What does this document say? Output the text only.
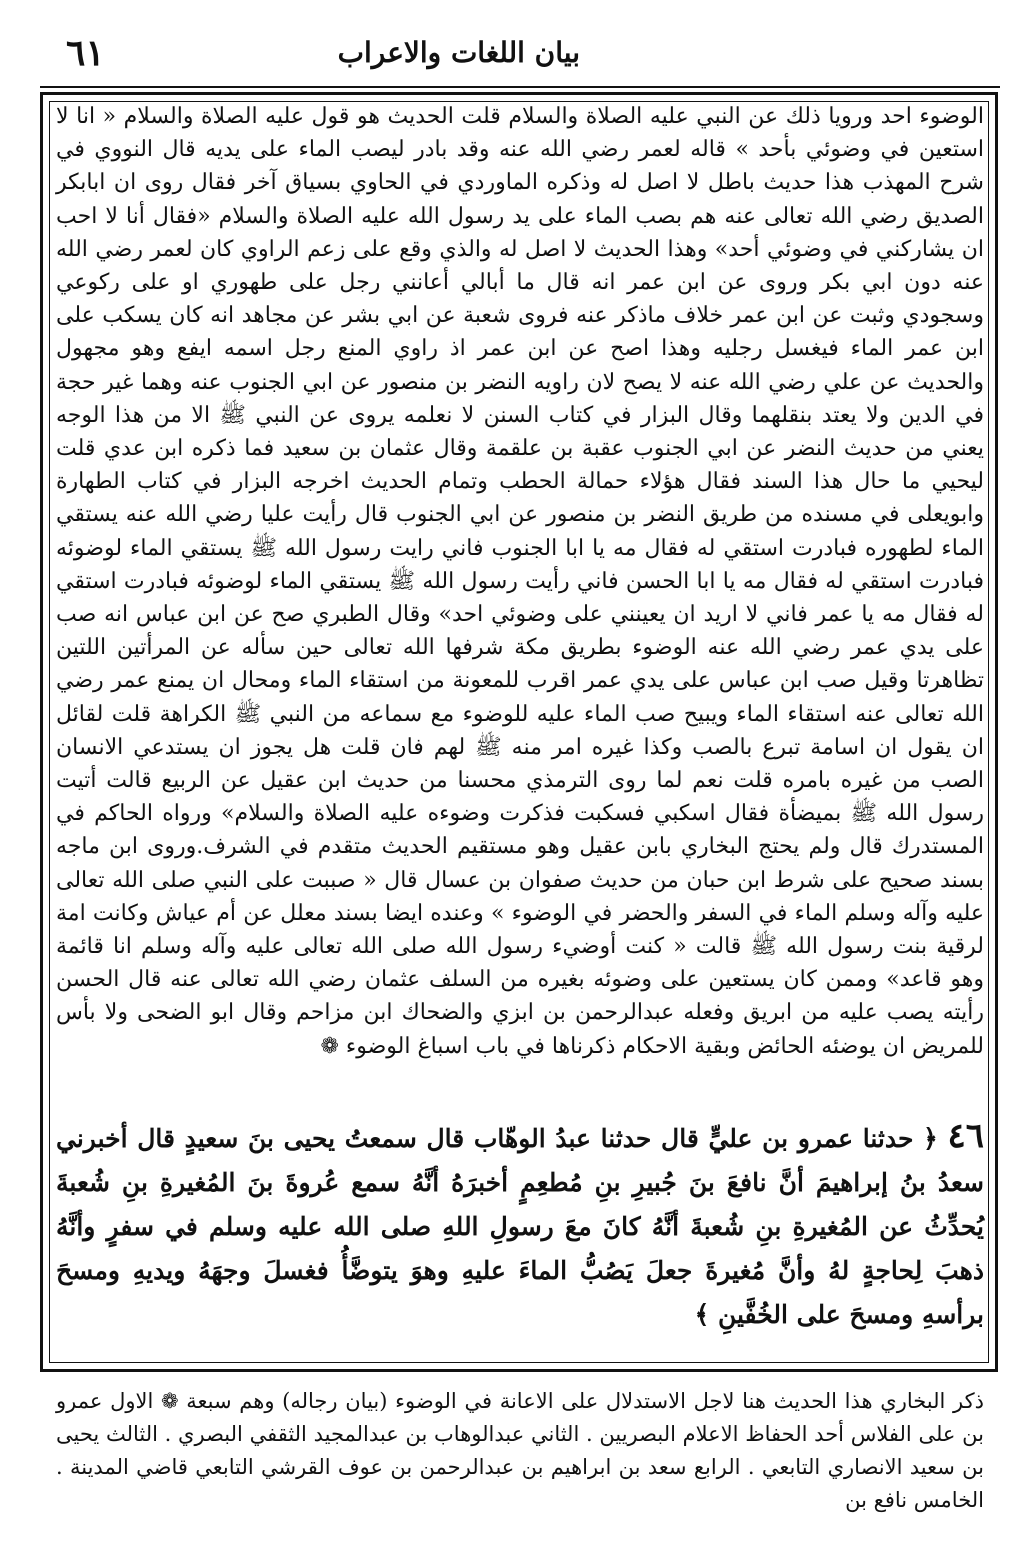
٦١	بيان اللغات والاعراب

الوضوء احد ورويا ذلك عن النبي عليه الصلاة والسلام قلت الحديث هو قول عليه الصلاة والسلام « انا لا استعين في وضوئي بأحد » قاله لعمر رضي الله عنه وقد بادر ليصب الماء على يديه قال النووي في شرح المهذب هذا حديث باطل لا اصل له وذكره الماوردي في الحاوي بسياق آخر فقال روى ان ابابكر الصديق رضي الله تعالى عنه هم بصب الماء على يد رسول الله عليه الصلاة والسلام «فقال أنا لا احب ان يشاركني في وضوئي أحد» وهذا الحديث لا اصل له والذي وقع على زعم الراوي كان لعمر رضي الله عنه دون ابي بكر وروى عن ابن عمر انه قال ما أبالي أعانني رجل على طهوري او على ركوعي وسجودي وثبت عن ابن عمر خلاف ماذكر عنه فروى شعبة عن ابي بشر عن مجاهد انه كان يسكب على ابن عمر الماء فيغسل رجليه وهذا اصح عن ابن عمر اذ راوي المنع رجل اسمه ايفع وهو مجهول والحديث عن علي رضي الله عنه لا يصح لان راويه النضر بن منصور عن ابي الجنوب عنه وهما غير حجة في الدين ولا يعتد بنقلهما وقال البزار في كتاب السنن لا نعلمه يروى عن النبي ﷺ الا من هذا الوجه يعني من حديث النضر عن ابي الجنوب عقبة بن علقمة وقال عثمان بن سعيد فما ذكره ابن عدي قلت ليحيي ما حال هذا السند فقال هؤلاء حمالة الحطب وتمام الحديث اخرجه البزار في كتاب الطهارة وابويعلى في مسنده من طريق النضر بن منصور عن ابي الجنوب قال رأيت عليا رضي الله عنه يستقي الماء لطهوره فبادرت استقي له فقال مه يا ابا الجنوب فاني رايت رسول الله ﷺ يستقي الماء لوضوئه فبادرت استقي له فقال مه يا ابا الحسن فاني رأيت رسول الله ﷺ يستقي الماء لوضوئه فبادرت استقي له فقال مه يا عمر فاني لا اريد ان يعينني على وضوئي احد» وقال الطبري صح عن ابن عباس انه صب على يدي عمر رضي الله عنه الوضوء بطريق مكة شرفها الله تعالى حين سأله عن المرأتين اللتين تظاهرتا وقيل صب ابن عباس على يدي عمر اقرب للمعونة من استقاء الماء ومحال ان يمنع عمر رضي الله تعالى عنه استقاء الماء ويبيح صب الماء عليه للوضوء مع سماعه من النبي ﷺ الكراهة قلت لقائل ان يقول ان اسامة تبرع بالصب وكذا غيره امر منه ﷺ لهم فان قلت هل يجوز ان يستدعي الانسان الصب من غيره بامره قلت نعم لما روى الترمذي محسنا من حديث ابن عقيل عن الربيع قالت أتيت رسول الله ﷺ بميضأة فقال اسكبي فسكبت فذكرت وضوءه عليه الصلاة والسلام» ورواه الحاكم في المستدرك قال ولم يحتج البخاري بابن عقيل وهو مستقيم الحديث متقدم في الشرف.وروى ابن ماجه بسند صحيح على شرط ابن حبان من حديث صفوان بن عسال قال « صببت على النبي صلى الله تعالى عليه وآله وسلم الماء في السفر والحضر في الوضوء » وعنده ايضا بسند معلل عن أم عياش وكانت امة لرقية بنت رسول الله ﷺ قالت « كنت أوضيء رسول الله صلى الله تعالى عليه وآله وسلم انا قائمة وهو قاعد» وممن كان يستعين على وضوئه بغيره من السلف عثمان رضي الله تعالى عنه قال الحسن رأيته يصب عليه من ابريق وفعله عبدالرحمن بن ابزي والضحاك ابن مزاحم وقال ابو الضحى ولا بأس للمريض ان يوضئه الحائض وبقية الاحكام ذكرناها في باب اسباغ الوضوء ❁

٤٦ ﴿ حدثنا عمرو بن عليٍّ قال حدثنا عبدُ الوهّاب قال سمعتُ يحيى بنَ سعيدٍ قال أخبرني سعدُ بنُ إبراهيمَ أنَّ نافعَ بنَ جُبيرِ بنِ مُطعِمٍ أخبرَهُ أنَّهُ سمع عُروةَ بنَ المُغيرةِ بنِ شُعبةَ يُحدِّثُ عن المُغيرةِ بنِ شُعبةَ أنَّهُ كانَ معَ رسولِ اللهِ صلى الله عليه وسلم في سفرٍ وأنَّهُ ذهبَ لِحاجةٍ لهُ وأنَّ مُغيرةَ جعلَ يَصُبُّ الماءَ عليهِ وهوَ يتوضَّأُ فغسلَ وجهَهُ ويديهِ ومسحَ برأسهِ ومسحَ على الخُفَّينِ ﴾

ذكر البخاري هذا الحديث هنا لاجل الاستدلال على الاعانة في الوضوء (بيان رجاله) وهم سبعة ❁ الاول عمرو بن على الفلاس أحد الحفاظ الاعلام البصريين . الثاني عبدالوهاب بن عبدالمجيد الثقفي البصري . الثالث يحيى بن سعيد الانصاري التابعي . الرابع سعد بن ابراهيم بن عبدالرحمن بن عوف القرشي التابعي قاضي المدينة . الخامس نافع بن
